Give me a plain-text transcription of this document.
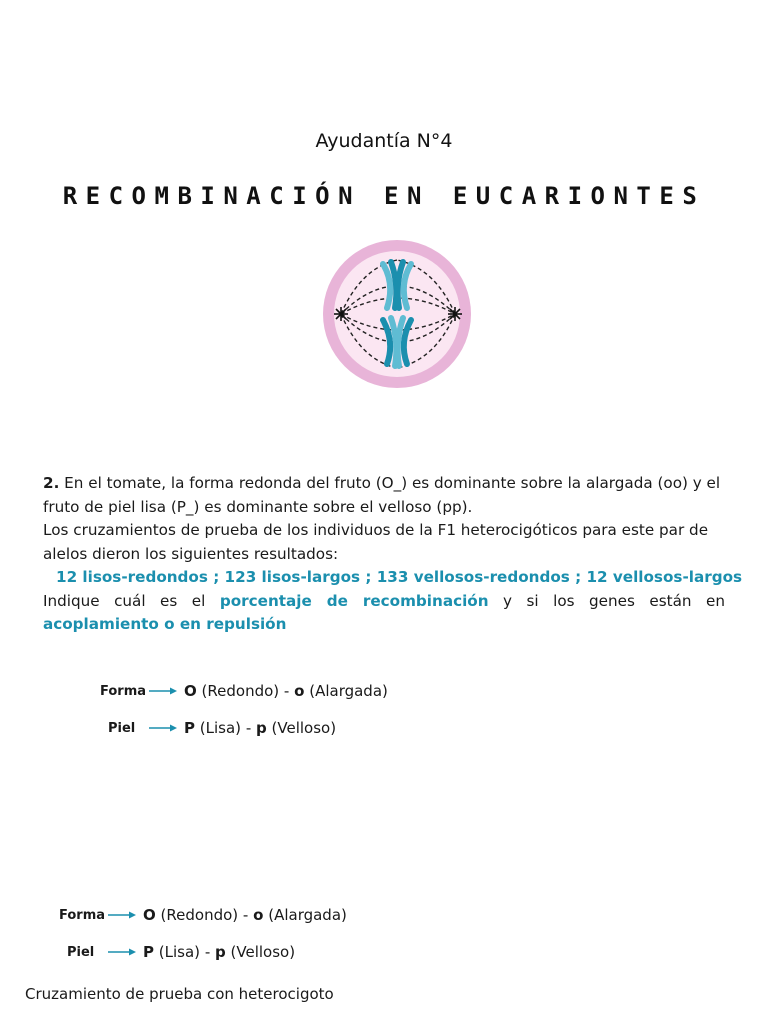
Ayudantía N°4
RECOMBINACIÓN EN EUCARIONTES

2. En el tomate, la forma redonda del fruto (O_) es dominante sobre la alargada (oo) y el fruto de piel lisa (P_) es dominante sobre el velloso (pp).

Los cruzamientos de prueba de los individuos de la F1 heterocigóticos para este par de alelos dieron los siguientes resultados:

12 lisos-redondos ; 123 lisos-largos ; 133 vellosos-redondos ; 12 vellosos-largos

Indique cuál es el porcentaje de recombinación y si los genes están en

acoplamiento o en repulsión

Forma	O
(Redondo)
-
o
(Alargada)
Piel	P
(Lisa)
-
p
(Velloso)
Forma	O
(Redondo)
-
o
(Alargada)
Piel	P
(Lisa)
-
p
(Velloso)
Cruzamiento de prueba con heterocigoto
